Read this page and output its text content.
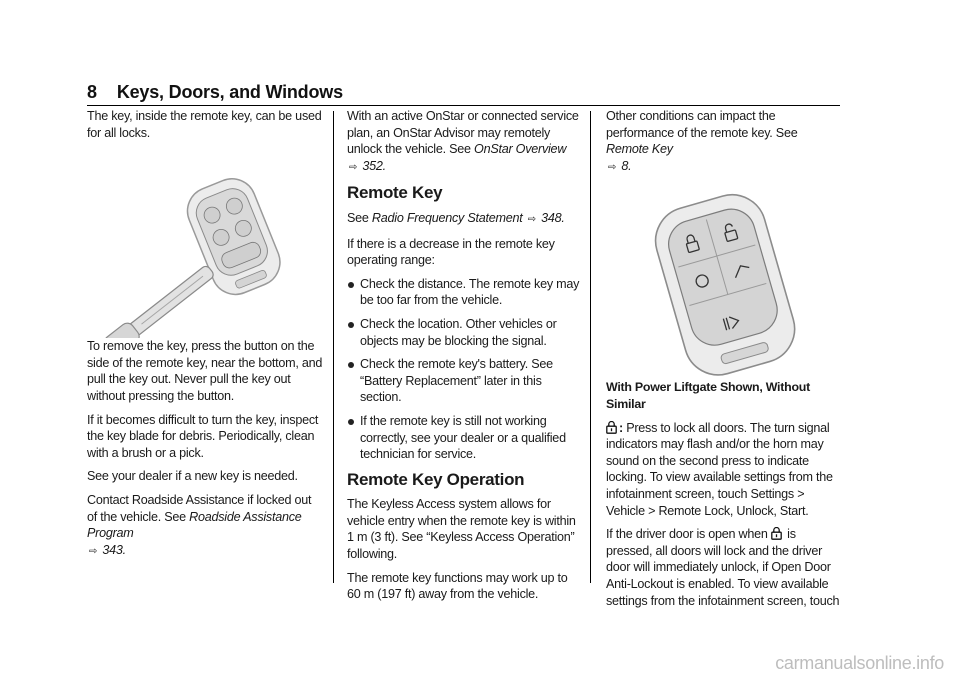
8 Keys, Doors, and Windows

The key, inside the remote key, can be used for all locks.

To remove the key, press the button on the side of the remote key, near the bottom, and pull the key out. Never pull the key out without pressing the button.

If it becomes difficult to turn the key, inspect the key blade for debris. Periodically, clean with a brush or a pick.

See your dealer if a new key is needed.

Contact Roadside Assistance if locked out of the vehicle. See Roadside Assistance Program
⇨ 343.

With an active OnStar or connected service plan, an OnStar Advisor may remotely unlock the vehicle. See OnStar Overview
⇨ 352.

Remote Key

See Radio Frequency Statement ⇨ 348.

If there is a decrease in the remote key operating range:

Check the distance. The remote key may be too far from the vehicle.
Check the location. Other vehicles or objects may be blocking the signal.
Check the remote key's battery. See “Battery Replacement” later in this section.
If the remote key is still not working correctly, see your dealer or a qualified technician for service.
Remote Key Operation

The Keyless Access system allows for vehicle entry when the remote key is within 1 m (3 ft). See “Keyless Access Operation” following.

The remote key functions may work up to 60 m (197 ft) away from the vehicle.

Other conditions can impact the performance of the remote key. See Remote Key
⇨ 8.

With Power Liftgate Shown, Without Similar

: Press to lock all doors. The turn signal indicators may flash and/or the horn may sound on the second press to indicate locking. To view available settings from the infotainment screen, touch Settings > Vehicle > Remote Lock, Unlock, Start.

If the driver door is open when is pressed, all doors will lock and the driver door will immediately unlock, if Open Door Anti-Lockout is enabled. To view available settings from the infotainment screen, touch

carmanualsonline.info
